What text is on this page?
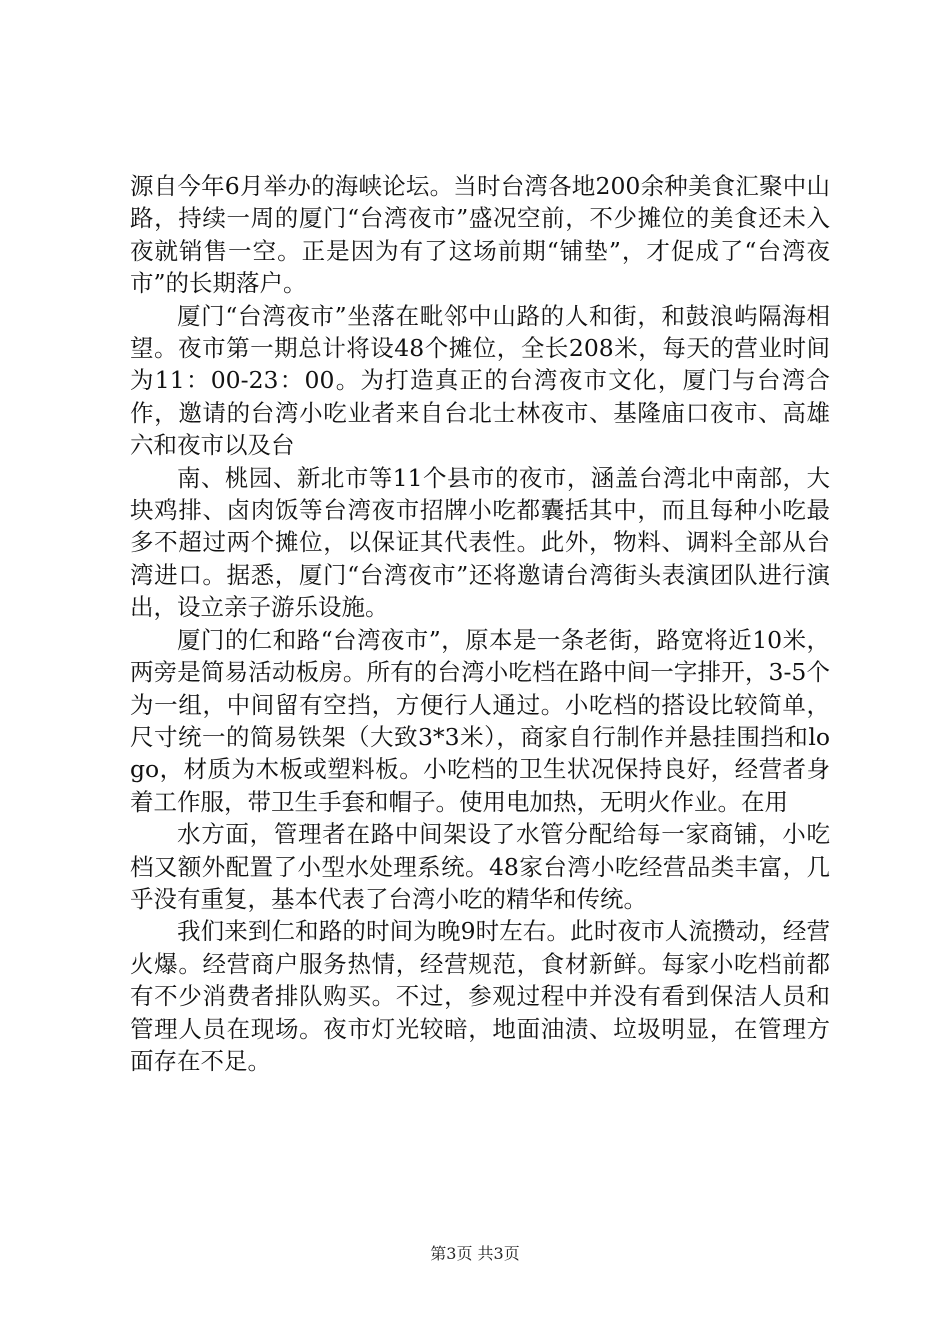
源自今年6月举办的海峡论坛。当时台湾各地200余种美食汇聚中山路，持续一周的厦门“台湾夜市”盛况空前，不少摊位的美食还未入夜就销售一空。正是因为有了这场前期“铺垫”，才促成了“台湾夜市”的长期落户。

厦门“台湾夜市”坐落在毗邻中山路的人和街，和鼓浪屿隔海相望。夜市第一期总计将设48个摊位，全长208米，每天的营业时间为11：00-23：00。为打造真正的台湾夜市文化，厦门与台湾合作，邀请的台湾小吃业者来自台北士林夜市、基隆庙口夜市、高雄六和夜市以及台

南、桃园、新北市等11个县市的夜市，涵盖台湾北中南部，大块鸡排、卤肉饭等台湾夜市招牌小吃都囊括其中，而且每种小吃最多不超过两个摊位，以保证其代表性。此外，物料、调料全部从台湾进口。据悉，厦门“台湾夜市”还将邀请台湾街头表演团队进行演出，设立亲子游乐设施。

厦门的仁和路“台湾夜市”，原本是一条老街，路宽将近10米，两旁是简易活动板房。所有的台湾小吃档在路中间一字排开，3-5个为一组，中间留有空挡，方便行人通过。小吃档的搭设比较简单，尺寸统一的简易铁架（大致3*3米），商家自行制作并悬挂围挡和logo，材质为木板或塑料板。小吃档的卫生状况保持良好，经营者身着工作服，带卫生手套和帽子。使用电加热，无明火作业。在用

水方面，管理者在路中间架设了水管分配给每一家商铺，小吃档又额外配置了小型水处理系统。48家台湾小吃经营品类丰富，几乎没有重复，基本代表了台湾小吃的精华和传统。

我们来到仁和路的时间为晚9时左右。此时夜市人流攒动，经营火爆。经营商户服务热情，经营规范，食材新鲜。每家小吃档前都有不少消费者排队购买。不过，参观过程中并没有看到保洁人员和管理人员在现场。夜市灯光较暗，地面油渍、垃圾明显，在管理方面存在不足。

第3页 共3页
